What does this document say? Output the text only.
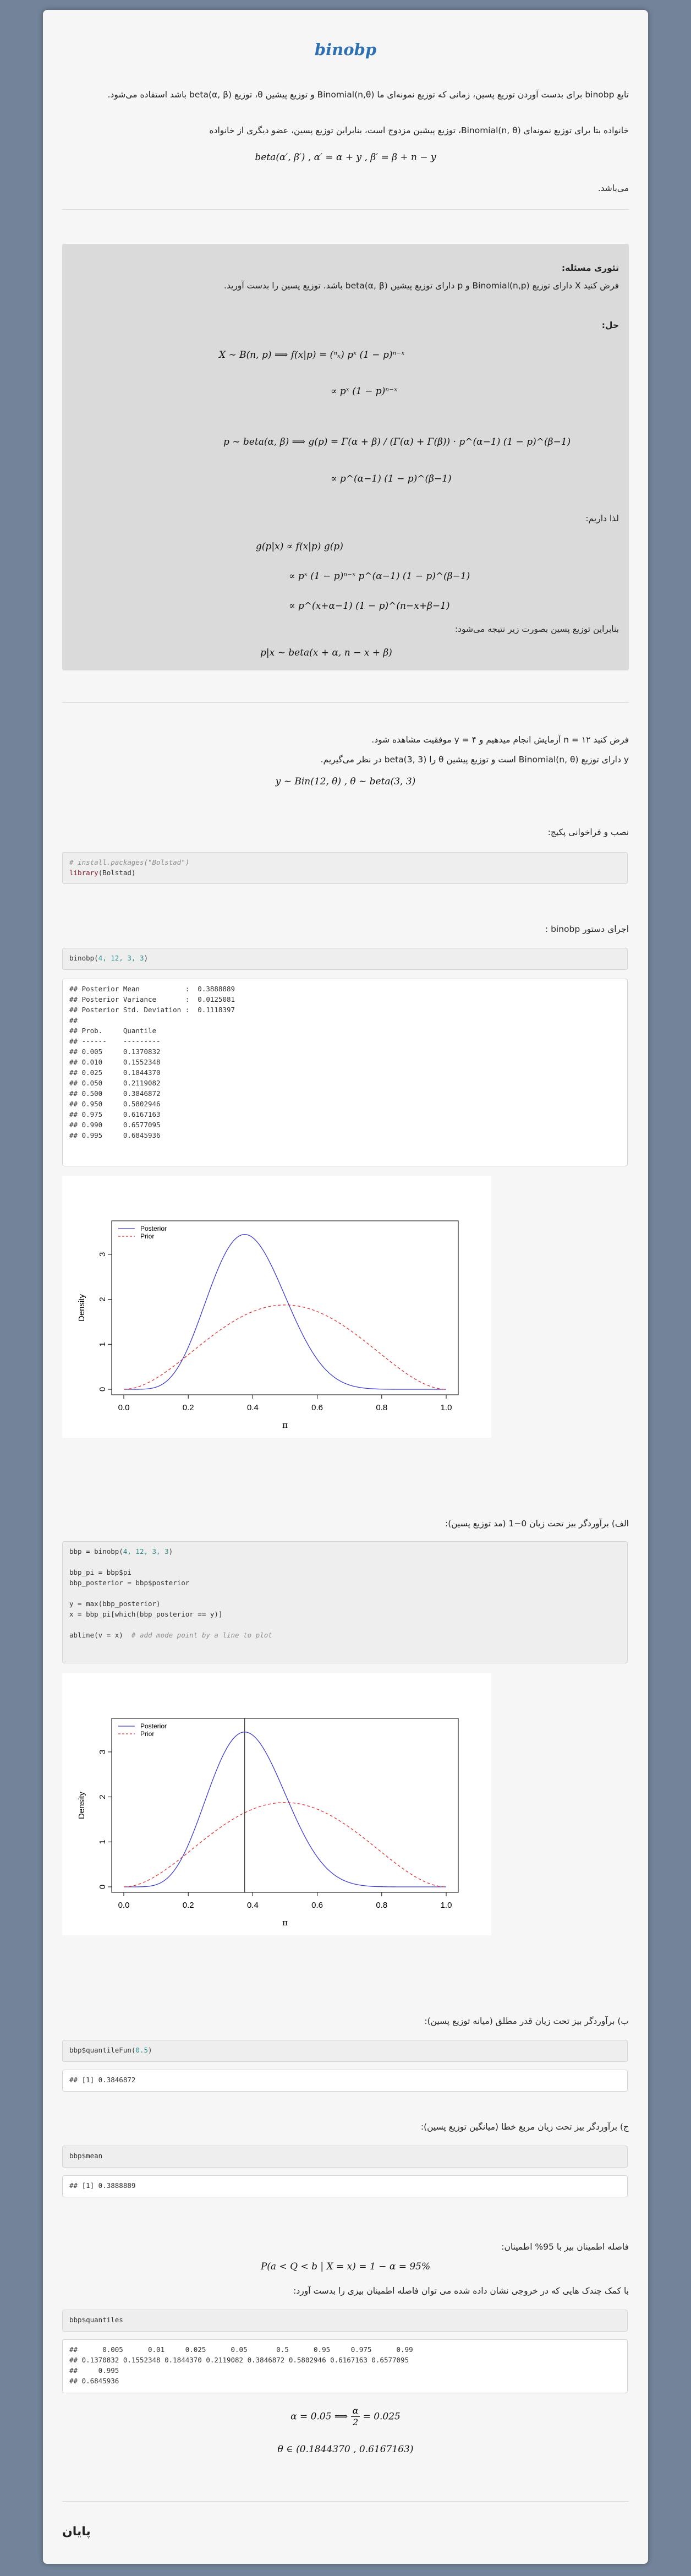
binobp
تابع binobp برای بدست آوردن توزیع پسین، زمانی که توزیع نمونه‌ای ما Binomial(n,θ) و توزیع پیشین θ، توزیع beta(α, β) باشد استفاده می‌شود.
خانواده بتا برای توزیع نمونه‌ای Binomial(n, θ)، توزیع پیشین مزدوج است، بنابراین توزیع پسین، عضو دیگری از خانواده
beta(α′, β′) , α′ = α + y , β′ = β + n − y
می‌باشد.
تئوری مسئله:
فرض کنید X دارای توزیع Binomial(n,p) و p دارای توزیع پیشین beta(α, β) باشد. توزیع پسین را بدست آورید.
حل:
X ∼ B(n, p) ⟹ f(x|p) = (ⁿₓ) pˣ (1 − p)ⁿ⁻ˣ
∝ pˣ (1 − p)ⁿ⁻ˣ
p ∼ beta(α, β) ⟹ g(p) = Γ(α + β) / (Γ(α) + Γ(β)) · p^(α−1) (1 − p)^(β−1)
∝ p^(α−1) (1 − p)^(β−1)
لذا داریم:
g(p|x) ∝ f(x|p) g(p)
∝ pˣ (1 − p)ⁿ⁻ˣ p^(α−1) (1 − p)^(β−1)
∝ p^(x+α−1) (1 − p)^(n−x+β−1)
بنابراین توزیع پسین بصورت زیر نتیجه می‌شود:
p|x ∼ beta(x + α, n − x + β)
فرض کنید n = ۱۲ آزمایش انجام میدهیم و y = ۴ موفقیت مشاهده شود.
y دارای توزیع Binomial(n, θ) است و توزیع پیشین θ را beta(3, 3) در نظر می‌گیریم.
y ∼ Bin(12, θ) , θ ∼ beta(3, 3)
نصب و فراخوانی پکیج:
# install.packages("Bolstad")
library(Bolstad)
اجرای دستور binobp :
binobp(4, 12, 3, 3)
## Posterior Mean           :  0.3888889
## Posterior Variance       :  0.0125081
## Posterior Std. Deviation :  0.1118397
##
## Prob.     Quantile
## ------    ---------
## 0.005     0.1370832
## 0.010     0.1552348
## 0.025     0.1844370
## 0.050     0.2119082
## 0.500     0.3846872
## 0.950     0.5802946
## 0.975     0.6167163
## 0.990     0.6577095
## 0.995     0.6845936
0.0	0.2	0.4	0.6	0.8	1.0
0
1
2
3
π
Density
Posterior
Prior
الف) برآوردگر بیز تحت زیان 0−1 (مد توزیع پسین):
bbp = binobp(4, 12, 3, 3)

bbp_pi = bbp$pi
bbp_posterior = bbp$posterior

y = max(bbp_posterior)
x = bbp_pi[which(bbp_posterior == y)]

abline(v = x)  # add mode point by a line to plot
0.0	0.2	0.4	0.6	0.8	1.0
0
1
2
3
π
Density
Posterior
Prior
ب) برآوردگر بیز تحت زیان قدر مطلق (میانه توزیع پسین):
bbp$quantileFun(0.5)
## [1] 0.3846872
ج) برآوردگر بیز تحت زیان مربع خطا (میانگین توزیع پسین):
bbp$mean
## [1] 0.3888889
فاصله اطمینان بیز با 95% اطمینان:
P(a < Q < b | X = x) = 1 − α = 95%
با کمک چندک هایی که در خروجی نشان داده شده می توان فاصله اطمینان بیزی را بدست آورد:
bbp$quantiles
##      0.005      0.01     0.025      0.05       0.5      0.95     0.975      0.99
## 0.1370832 0.1552348 0.1844370 0.2119082 0.3846872 0.5802946 0.6167163 0.6577095
##     0.995
## 0.6845936
α = 0.05 ⟹ $\frac{\alpha}{2} = 0.025$
θ ∈ (0.1844370 , 0.6167163)
پایان
